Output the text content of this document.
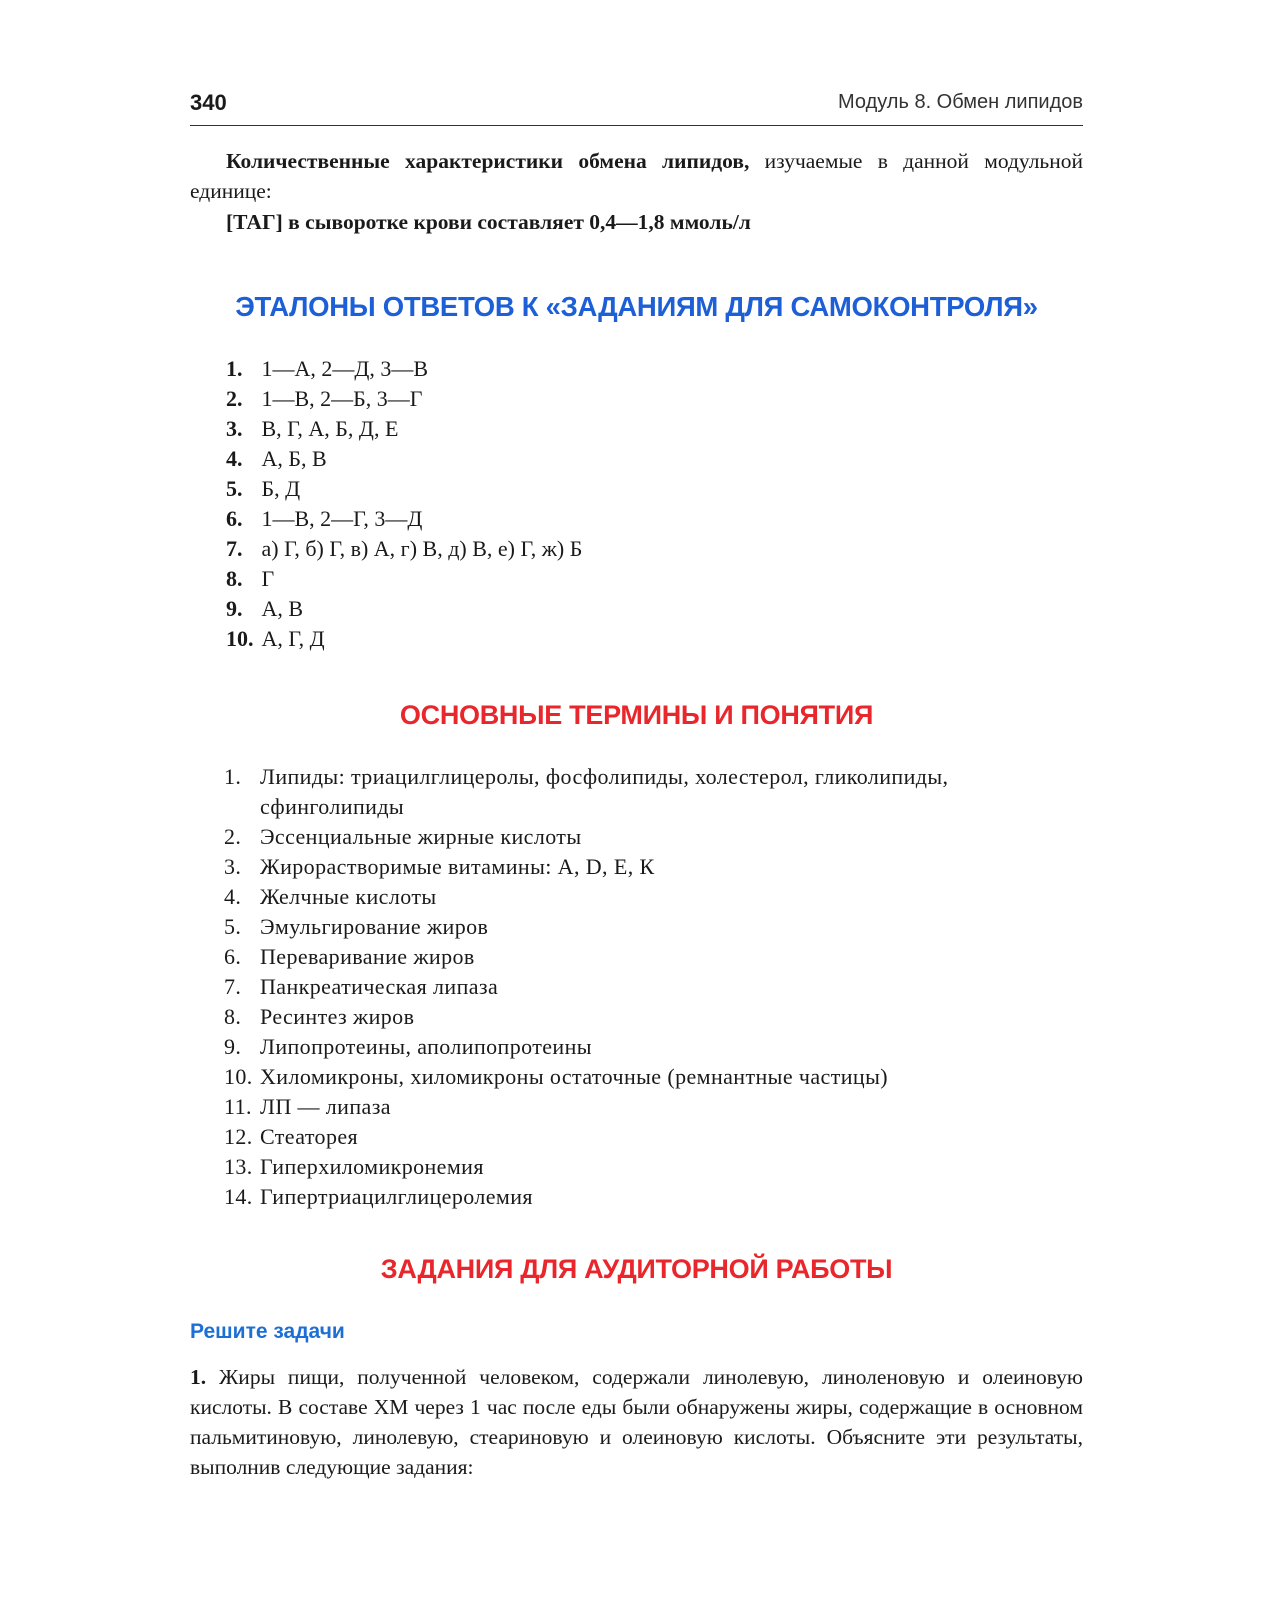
340	Модуль 8. Обмен липидов

Количественные характеристики обмена липидов, изучаемые в данной модульной единице:

[ТАГ] в сыворотке крови составляет 0,4—1,8 ммоль/л
ЭТАЛОНЫ ОТВЕТОВ К «ЗАДАНИЯМ ДЛЯ САМОКОНТРОЛЯ»
1. 1—А, 2—Д, 3—В
2. 1—В, 2—Б, 3—Г
3. В, Г, А, Б, Д, Е
4. А, Б, В
5. Б, Д
6. 1—В, 2—Г, 3—Д
7. а) Г, б) Г, в) А, г) В, д) В, е) Г, ж) Б
8. Г
9. А, В
10. А, Г, Д
ОСНОВНЫЕ ТЕРМИНЫ И ПОНЯТИЯ
1. Липиды: триацилглицеролы, фосфолипиды, холестерол, гликолипиды, сфинголипиды
2. Эссенциальные жирные кислоты
3. Жирорастворимые витамины: А, D, Е, К
4. Желчные кислоты
5. Эмульгирование жиров
6. Переваривание жиров
7. Панкреатическая липаза
8. Ресинтез жиров
9. Липопротеины, аполипопротеины
10. Хиломикроны, хиломикроны остаточные (ремнантные частицы)
11. ЛП — липаза
12. Стеаторея
13. Гиперхиломикронемия
14. Гипертриацилглицеролемия
ЗАДАНИЯ ДЛЯ АУДИТОРНОЙ РАБОТЫ
Решите задачи

1. Жиры пищи, полученной человеком, содержали линолевую, линоленовую и олеиновую кислоты. В составе ХМ через 1 час после еды были обнаружены жиры, содержащие в основном пальмитиновую, линолевую, стеариновую и олеиновую кислоты. Объясните эти результаты, выполнив следующие задания:
